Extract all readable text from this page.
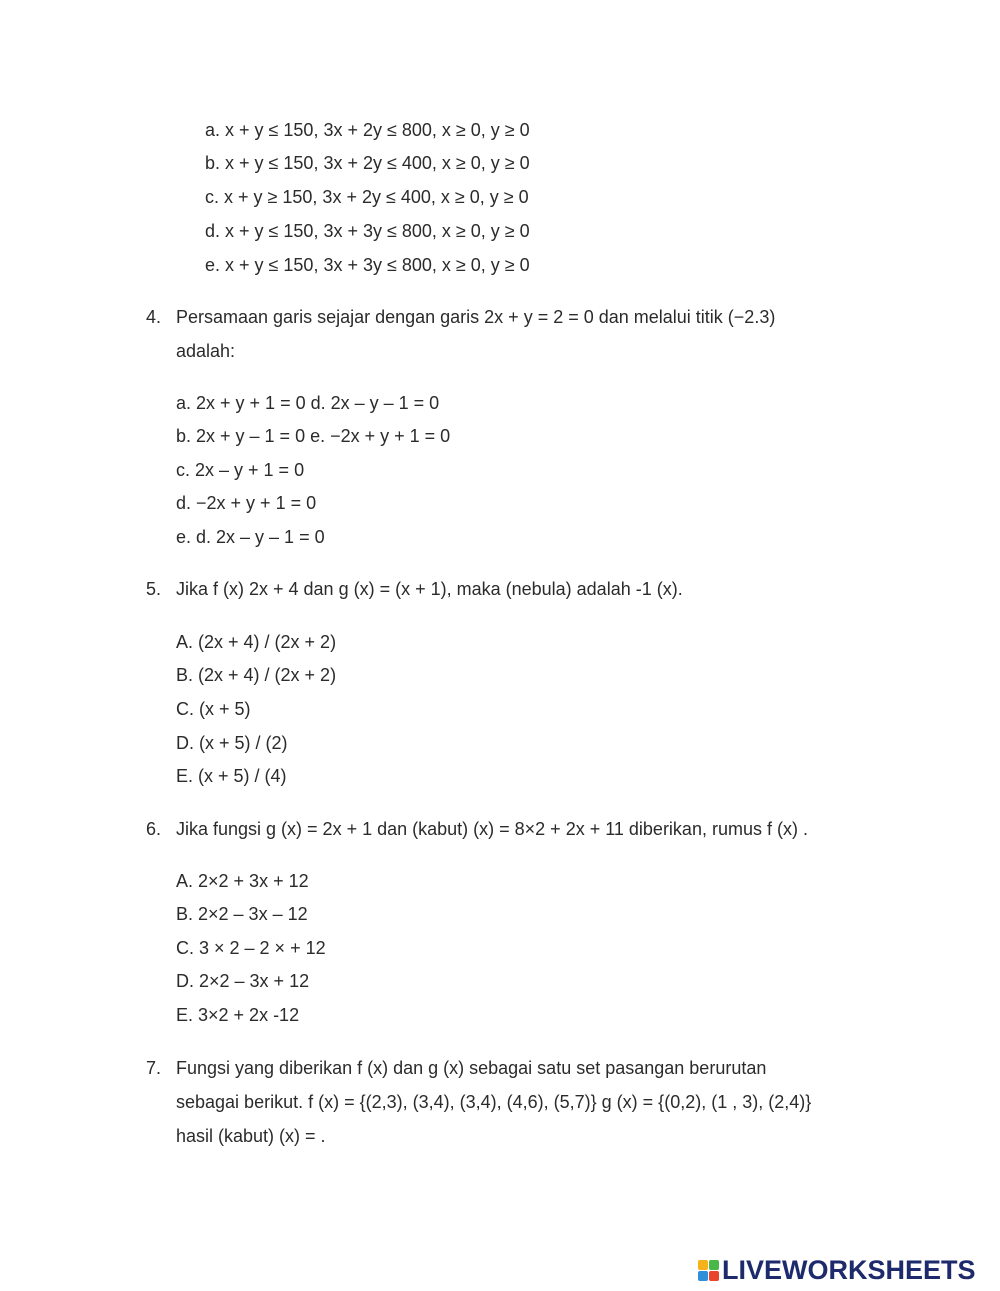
a. x + y ≤ 150, 3x + 2y ≤ 800, x ≥ 0, y ≥ 0
b. x + y ≤ 150, 3x + 2y ≤ 400, x ≥ 0, y ≥ 0
c. x + y ≥ 150, 3x + 2y ≤ 400, x ≥ 0, y ≥ 0
d. x + y ≤ 150, 3x + 3y ≤ 800, x ≥ 0, y ≥ 0
e. x + y ≤ 150, 3x + 3y ≤ 800, x ≥ 0, y ≥ 0
4. Persamaan garis sejajar dengan garis 2x + y = 2 = 0 dan melalui titik (−2.3)
adalah:
a. 2x + y + 1 = 0 d. 2x – y – 1 = 0
b. 2x + y – 1 = 0 e. −2x + y + 1 = 0
c. 2x – y + 1 = 0
d. −2x + y + 1 = 0
e. d. 2x – y – 1 = 0
5. Jika f (x) 2x + 4 dan g (x) = (x + 1), maka (nebula) adalah -1 (x).
A. (2x + 4) / (2x + 2)
B. (2x + 4) / (2x + 2)
C. (x + 5)
D. (x + 5) / (2)
E. (x + 5) / (4)
6. Jika fungsi g (x) = 2x + 1 dan (kabut) (x) = 8×2 + 2x + 11 diberikan, rumus f (x) .
A. 2×2 + 3x + 12
B. 2×2 – 3x – 12
C. 3 × 2 – 2 × + 12
D. 2×2 – 3x + 12
E. 3×2 + 2x -12
7. Fungsi yang diberikan f (x) dan g (x) sebagai satu set pasangan berurutan
sebagai berikut. f (x) = {(2,3), (3,4), (3,4), (4,6), (5,7)} g (x) = {(0,2), (1 , 3), (2,4)}
hasil (kabut) (x) = .
LIVEWORKSHEETS
